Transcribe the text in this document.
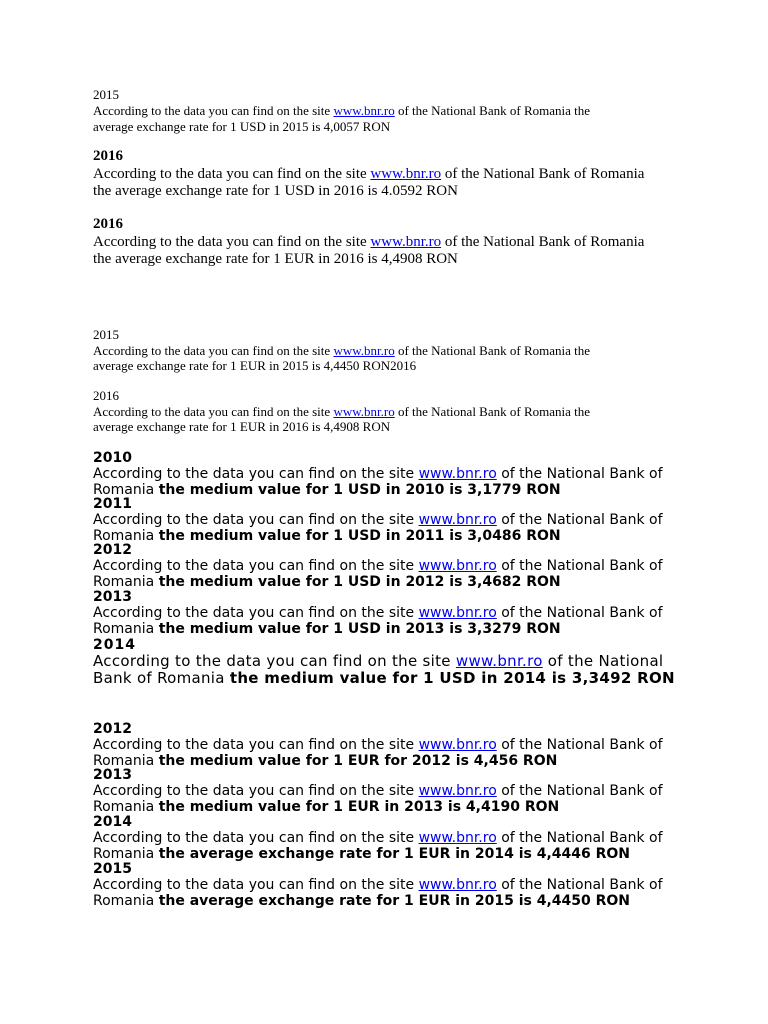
2015
According to the data you can find on the site www.bnr.ro of the National Bank of Romania the
average exchange rate for 1 USD in 2015 is 4,0057 RON
2016
According to the data you can find on the site www.bnr.ro of the National Bank of Romania
the average exchange rate for 1 USD in 2016 is 4.0592 RON
2016
According to the data you can find on the site www.bnr.ro of the National Bank of Romania
the average exchange rate for 1 EUR in 2016 is 4,4908 RON
2015
According to the data you can find on the site www.bnr.ro of the National Bank of Romania the
average exchange rate for 1 EUR in 2015 is 4,4450 RON2016
2016
According to the data you can find on the site www.bnr.ro of the National Bank of Romania the
average exchange rate for 1 EUR in 2016 is 4,4908 RON
2010
According to the data you can find on the site www.bnr.ro of the National Bank of
Romania the medium value for 1 USD in 2010 is 3,1779 RON
2011
According to the data you can find on the site www.bnr.ro of the National Bank of
Romania the medium value for 1 USD in 2011 is 3,0486 RON
2012
According to the data you can find on the site www.bnr.ro of the National Bank of
Romania the medium value for 1 USD in 2012 is 3,4682 RON
2013
According to the data you can find on the site www.bnr.ro of the National Bank of
Romania the medium value for 1 USD in 2013 is 3,3279 RON
2014
According to the data you can find on the site www.bnr.ro of the National
Bank of Romania the medium value for 1 USD in 2014 is 3,3492 RON
2012
According to the data you can find on the site www.bnr.ro of the National Bank of
Romania the medium value for 1 EUR for 2012 is 4,456 RON
2013
According to the data you can find on the site www.bnr.ro of the National Bank of
Romania the medium value for 1 EUR in 2013 is 4,4190 RON
2014
According to the data you can find on the site www.bnr.ro of the National Bank of
Romania the average exchange rate for 1 EUR in 2014 is 4,4446 RON
2015
According to the data you can find on the site www.bnr.ro of the National Bank of
Romania the average exchange rate for 1 EUR in 2015 is 4,4450 RON
